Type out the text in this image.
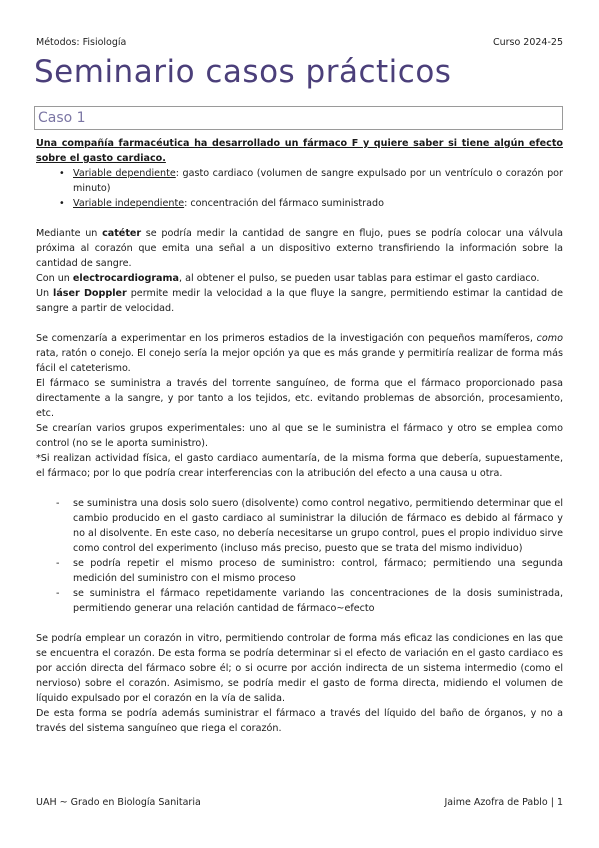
Métodos: Fisiología	Curso 2024-25
Seminario casos prácticos
Caso 1

Una compañía farmacéutica ha desarrollado un fármaco F y quiere saber si tiene algún efecto sobre el gasto cardiaco.

• Variable dependiente: gasto cardiaco (volumen de sangre expulsado por un ventrículo o corazón por minuto)
• Variable independiente: concentración del fármaco suministrado

Mediante un catéter se podría medir la cantidad de sangre en flujo, pues se podría colocar una válvula próxima al corazón que emita una señal a un dispositivo externo transfiriendo la información sobre la cantidad de sangre.

Con un electrocardiograma, al obtener el pulso, se pueden usar tablas para estimar el gasto cardiaco.

Un láser Doppler permite medir la velocidad a la que fluye la sangre, permitiendo estimar la cantidad de sangre a partir de velocidad.

Se comenzaría a experimentar en los primeros estadios de la investigación con pequeños mamíferos, como rata, ratón o conejo. El conejo sería la mejor opción ya que es más grande y permitiría realizar de forma más fácil el cateterismo.

El fármaco se suministra a través del torrente sanguíneo, de forma que el fármaco proporcionado pasa directamente a la sangre, y por tanto a los tejidos, etc. evitando problemas de absorción, procesamiento, etc.

Se crearían varios grupos experimentales: uno al que se le suministra el fármaco y otro se emplea como control (no se le aporta suministro).

*Si realizan actividad física, el gasto cardiaco aumentaría, de la misma forma que debería, supuestamente, el fármaco; por lo que podría crear interferencias con la atribución del efecto a una causa u otra.

- se suministra una dosis solo suero (disolvente) como control negativo, permitiendo determinar que el cambio producido en el gasto cardiaco al suministrar la dilución de fármaco es debido al fármaco y no al disolvente. En este caso, no debería necesitarse un grupo control, pues el propio individuo sirve como control del experimento (incluso más preciso, puesto que se trata del mismo individuo)
- se podría repetir el mismo proceso de suministro: control, fármaco; permitiendo una segunda medición del suministro con el mismo proceso
- se suministra el fármaco repetidamente variando las concentraciones de la dosis suministrada, permitiendo generar una relación cantidad de fármaco~efecto

Se podría emplear un corazón in vitro, permitiendo controlar de forma más eficaz las condiciones en las que se encuentra el corazón. De esta forma se podría determinar si el efecto de variación en el gasto cardiaco es por acción directa del fármaco sobre él; o si ocurre por acción indirecta de un sistema intermedio (como el nervioso) sobre el corazón. Asimismo, se podría medir el gasto de forma directa, midiendo el volumen de líquido expulsado por el corazón en la vía de salida.

De esta forma se podría además suministrar el fármaco a través del líquido del baño de órganos, y no a través del sistema sanguíneo que riega el corazón.

UAH ~ Grado en Biología Sanitaria	Jaime Azofra de Pablo | 1
